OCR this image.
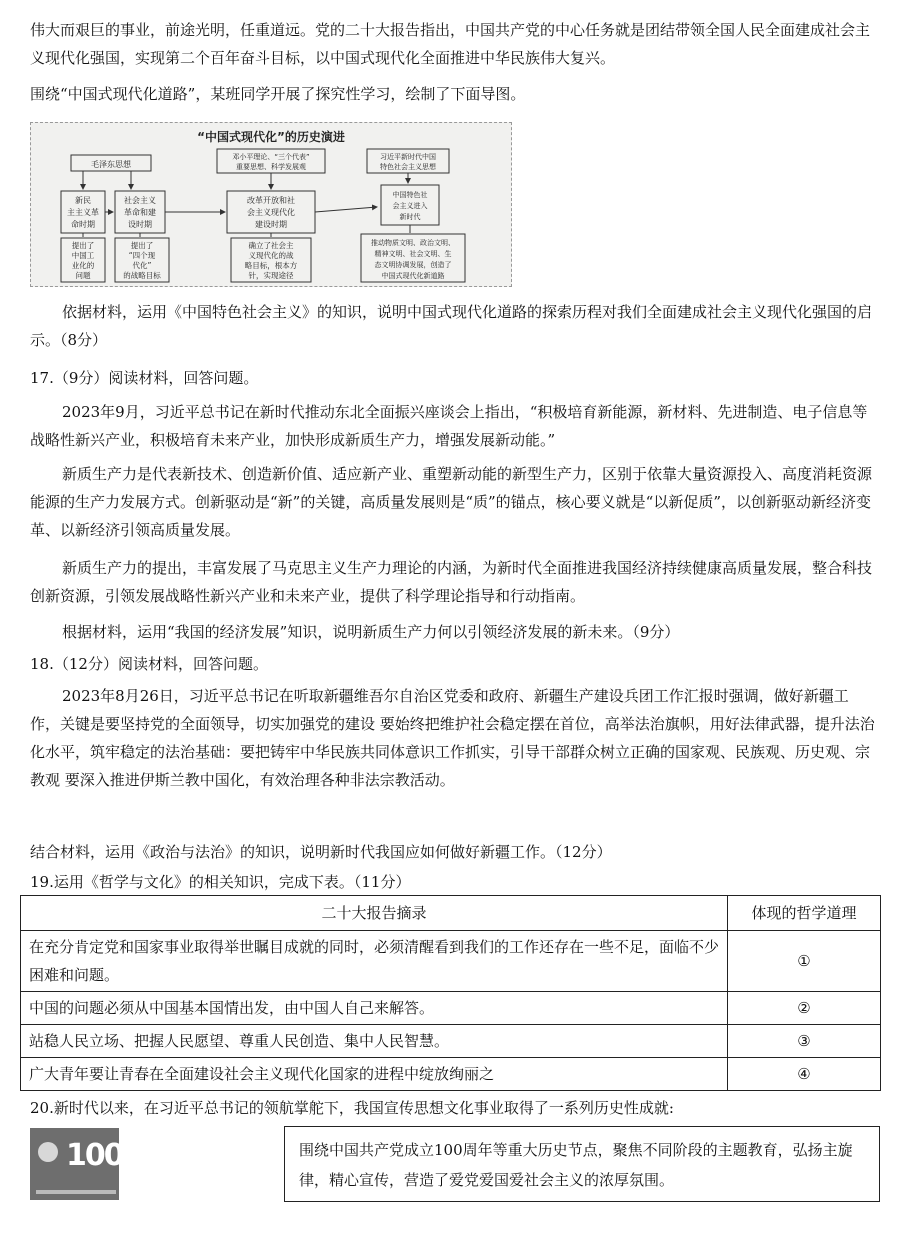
伟大而艰巨的事业，前途光明，任重道远。党的二十大报告指出，中国共产党的中心任务就是团结带领全国人民全面建成社会主义现代化强国，实现第二个百年奋斗目标，以中国式现代化全面推进中华民族伟大复兴。

围绕“中国式现代化道路”，某班同学开展了探究性学习，绘制了下面导图。

“中国式现代化”的历史演进
毛泽东思想
邓小平理论、“三个代表”
重要思想、科学发展观
习近平新时代中国
特色社会主义思想
新民
主主义革
命时期
社会主义
革命和建
设时期
改革开放和社
会主义现代化
建设时期
中国特色社
会主义进入
新时代
提出了
中国工
业化的
问题
提出了
“四个现
代化”
的战略目标
确立了社会主
义现代化的战
略目标，根本方
针，实现途径
推动物质文明、政治文明、
精神文明、社会文明、生
态文明协调发展，创造了
中国式现代化新道路

依据材料，运用《中国特色社会主义》的知识，说明中国式现代化道路的探索历程对我们全面建成社会主义现代化强国的启示。（8分）

17.（9分）阅读材料，回答问题。

2023年9月，习近平总书记在新时代推动东北全面振兴座谈会上指出，“积极培育新能源，新材料、先进制造、电子信息等战略性新兴产业，积极培育未来产业，加快形成新质生产力，增强发展新动能。”

新质生产力是代表新技术、创造新价值、适应新产业、重塑新动能的新型生产力，区别于依靠大量资源投入、高度消耗资源能源的生产力发展方式。创新驱动是“新”的关键，高质量发展则是“质”的锚点，核心要义就是“以新促质”，以创新驱动新经济变革、以新经济引领高质量发展。

新质生产力的提出，丰富发展了马克思主义生产力理论的内涵，为新时代全面推进我国经济持续健康高质量发展，整合科技创新资源，引领发展战略性新兴产业和未来产业，提供了科学理论指导和行动指南。

根据材料，运用“我国的经济发展”知识，说明新质生产力何以引领经济发展的新未来。（9分）

18.（12分）阅读材料，回答问题。

2023年8月26日，习近平总书记在听取新疆维吾尔自治区党委和政府、新疆生产建设兵团工作汇报时强调，做好新疆工作，关键是要坚持党的全面领导，切实加强党的建设 要始终把维护社会稳定摆在首位，高举法治旗帜，用好法律武器，提升法治化水平，筑牢稳定的法治基础：要把铸牢中华民族共同体意识工作抓实，引导干部群众树立正确的国家观、民族观、历史观、宗教观 要深入推进伊斯兰教中国化，有效治理各种非法宗教活动。

结合材料，运用《政治与法治》的知识，说明新时代我国应如何做好新疆工作。（12分）

19.运用《哲学与文化》的相关知识，完成下表。（11分）

二十大报告摘录	体现的哲学道理
在充分肯定党和国家事业取得举世瞩目成就的同时，必须清醒看到我们的工作还存在一些不足，面临不少困难和问题。	①
中国的问题必须从中国基本国情出发，由中国人自己来解答。	②
站稳人民立场、把握人民愿望、尊重人民创造、集中人民智慧。	③
广大青年要让青春在全面建设社会主义现代化国家的进程中绽放绚丽之	④

20.新时代以来，在习近平总书记的领航掌舵下，我国宣传思想文化事业取得了一系列历史性成就:

100	围绕中国共产党成立100周年等重大历史节点，聚焦不同阶段的主题教育，弘扬主旋律，精心宣传，营造了爱党爱国爱社会主义的浓厚氛围。
